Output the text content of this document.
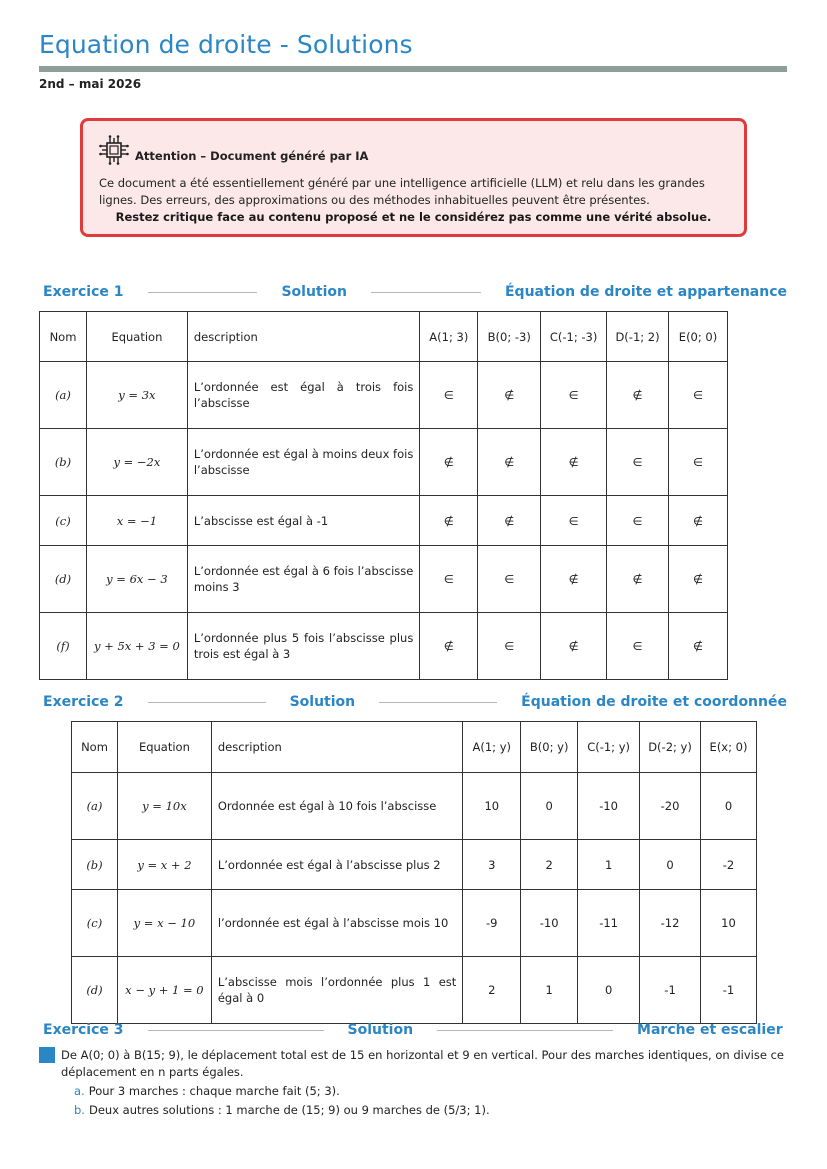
Equation de droite - Solutions
2nd – mai 2026
Attention – Document généré par IA
Ce document a été essentiellement généré par une intelligence artificielle (LLM) et relu dans les grandes lignes. Des erreurs, des approximations ou des méthodes inhabituelles peuvent être présentes.
Restez critique face au contenu proposé et ne le considérez pas comme une vérité absolue.
Exercice 1	Solution	Équation de droite et appartenance
Nom	Equation	description	A(1; 3)	B(0; -3)	C(-1; -3)	D(-1; 2)	E(0; 0)
(a)	y = 3x	L’ordonnée est égal à trois fois l’abscisse	∈	∉	∈	∉	∈
(b)	y = −2x	L’ordonnée est égal à moins deux fois l’abscisse	∉	∉	∉	∈	∈
(c)	x = −1	L’abscisse est égal à -1	∉	∉	∈	∈	∉
(d)	y = 6x − 3	L’ordonnée est égal à 6 fois l’abscisse moins 3	∈	∈	∉	∉	∉
(f)	y + 5x + 3 = 0	L’ordonnée plus 5 fois l’abscisse plus trois est égal à 3	∉	∈	∉	∈	∉
Exercice 2	Solution	Équation de droite et coordonnée
Nom	Equation	description	A(1; y)	B(0; y)	C(-1; y)	D(-2; y)	E(x; 0)
(a)	y = 10x	Ordonnée est égal à 10 fois l’abscisse	10	0	-10	-20	0
(b)	y = x + 2	L’ordonnée est égal à l’abscisse plus 2	3	2	1	0	-2
(c)	y = x − 10	l’ordonnée est égal à l’abscisse mois 10	-9	-10	-11	-12	10
(d)	x − y + 1 = 0	L’abscisse mois l’ordonnée plus 1 est égal à 0	2	1	0	-1	-1
Exercice 3	Solution	Marche et escalier
1 De A(0; 0) à B(15; 9), le déplacement total est de 15 en horizontal et 9 en vertical. Pour des marches identiques, on divise ce déplacement en n parts égales.
a. Pour 3 marches : chaque marche fait (5; 3).
b. Deux autres solutions : 1 marche de (15; 9) ou 9 marches de (5/3; 1).
